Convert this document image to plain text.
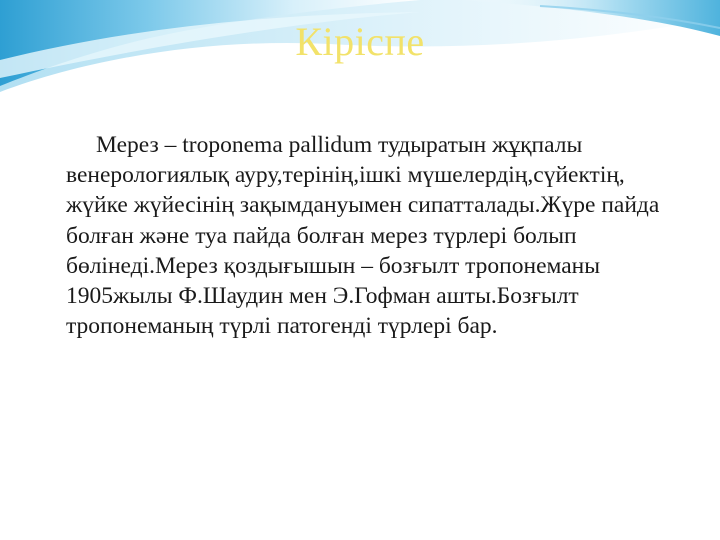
Кіріспе

Мерез – troponema pallidum тудыратын жұқпалы венерологиялық ауру,терінің,ішкі мүшелердің,сүйектің, жүйке жүйесінің зақымдануымен сипатталады.Жүре пайда болған және туа пайда болған мерез түрлері болып бөлінеді.Мерез қоздығышын – бозғылт тропонеманы 1905жылы Ф.Шаудин мен Э.Гофман ашты.Бозғылт тропонеманың түрлі патогенді түрлері бар.
